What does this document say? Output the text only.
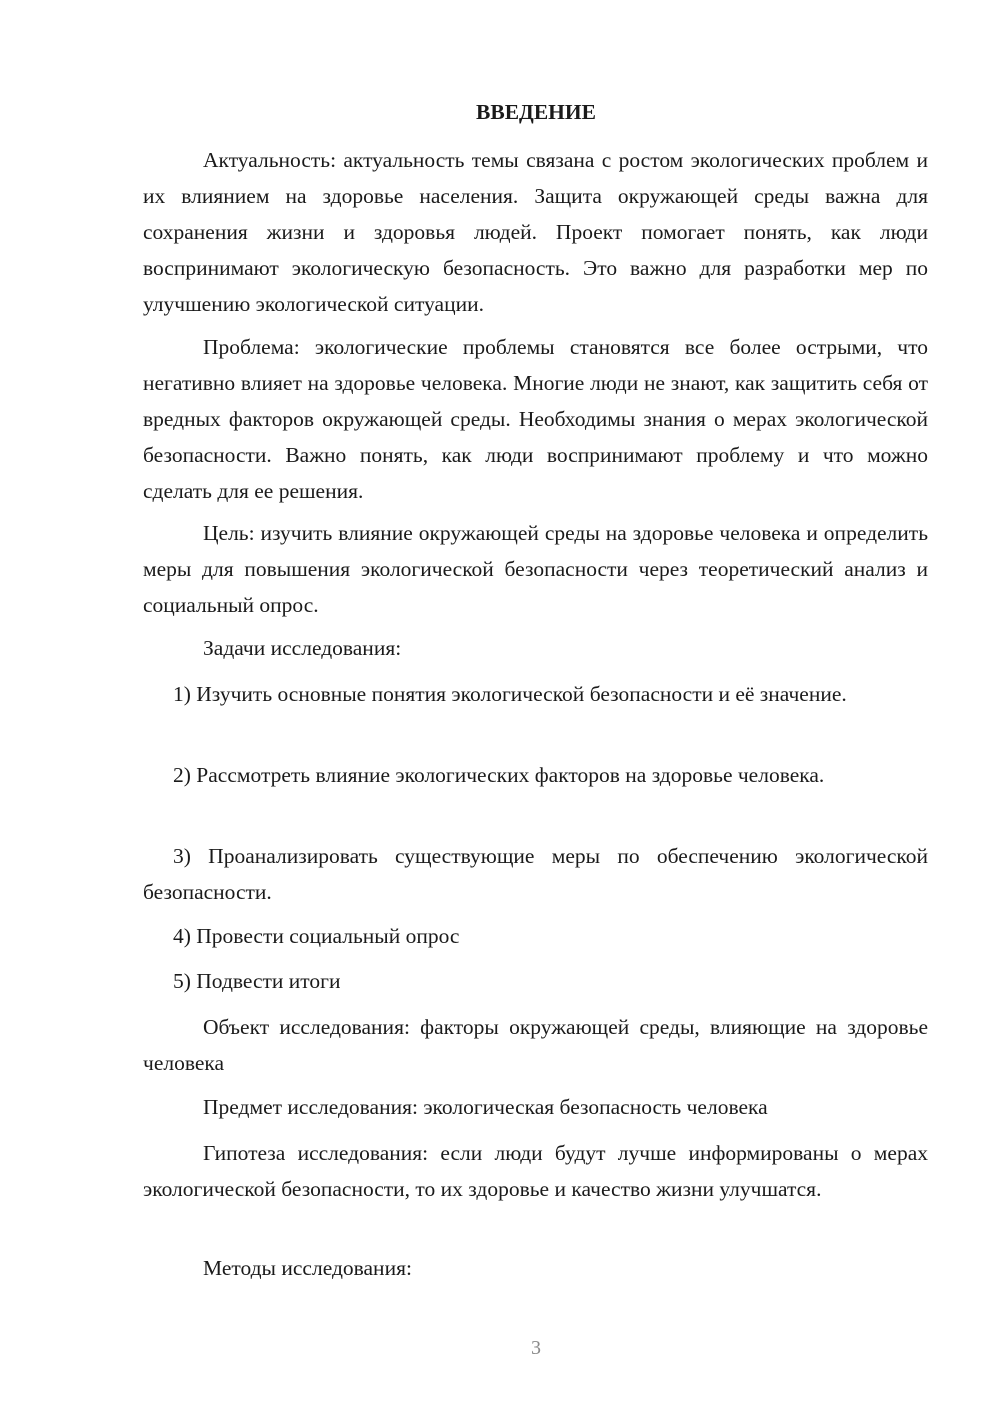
ВВЕДЕНИЕ

Актуальность: актуальность темы связана с ростом экологических проблем и их влиянием на здоровье населения. Защита окружающей среды важна для сохранения жизни и здоровья людей. Проект помогает понять, как люди воспринимают экологическую безопасность. Это важно для разработки мер по улучшению экологической ситуации.

Проблема: экологические проблемы становятся все более острыми, что негативно влияет на здоровье человека. Многие люди не знают, как защитить себя от вредных факторов окружающей среды. Необходимы знания о мерах экологической безопасности. Важно понять, как люди воспринимают проблему и что можно сделать для ее решения.

Цель: изучить влияние окружающей среды на здоровье человека и определить меры для повышения экологической безопасности через теоретический анализ и социальный опрос.

Задачи исследования:

1) Изучить основные понятия экологической безопасности и её значение.

2) Рассмотреть влияние экологических факторов на здоровье человека.

3) Проанализировать существующие меры по обеспечению экологической безопасности.

4) Провести социальный опрос

5) Подвести итоги

Объект исследования: факторы окружающей среды, влияющие на здоровье человека

Предмет исследования: экологическая безопасность человека

Гипотеза исследования: если люди будут лучше информированы о мерах экологической безопасности, то их здоровье и качество жизни улучшатся.

Методы исследования:

3
